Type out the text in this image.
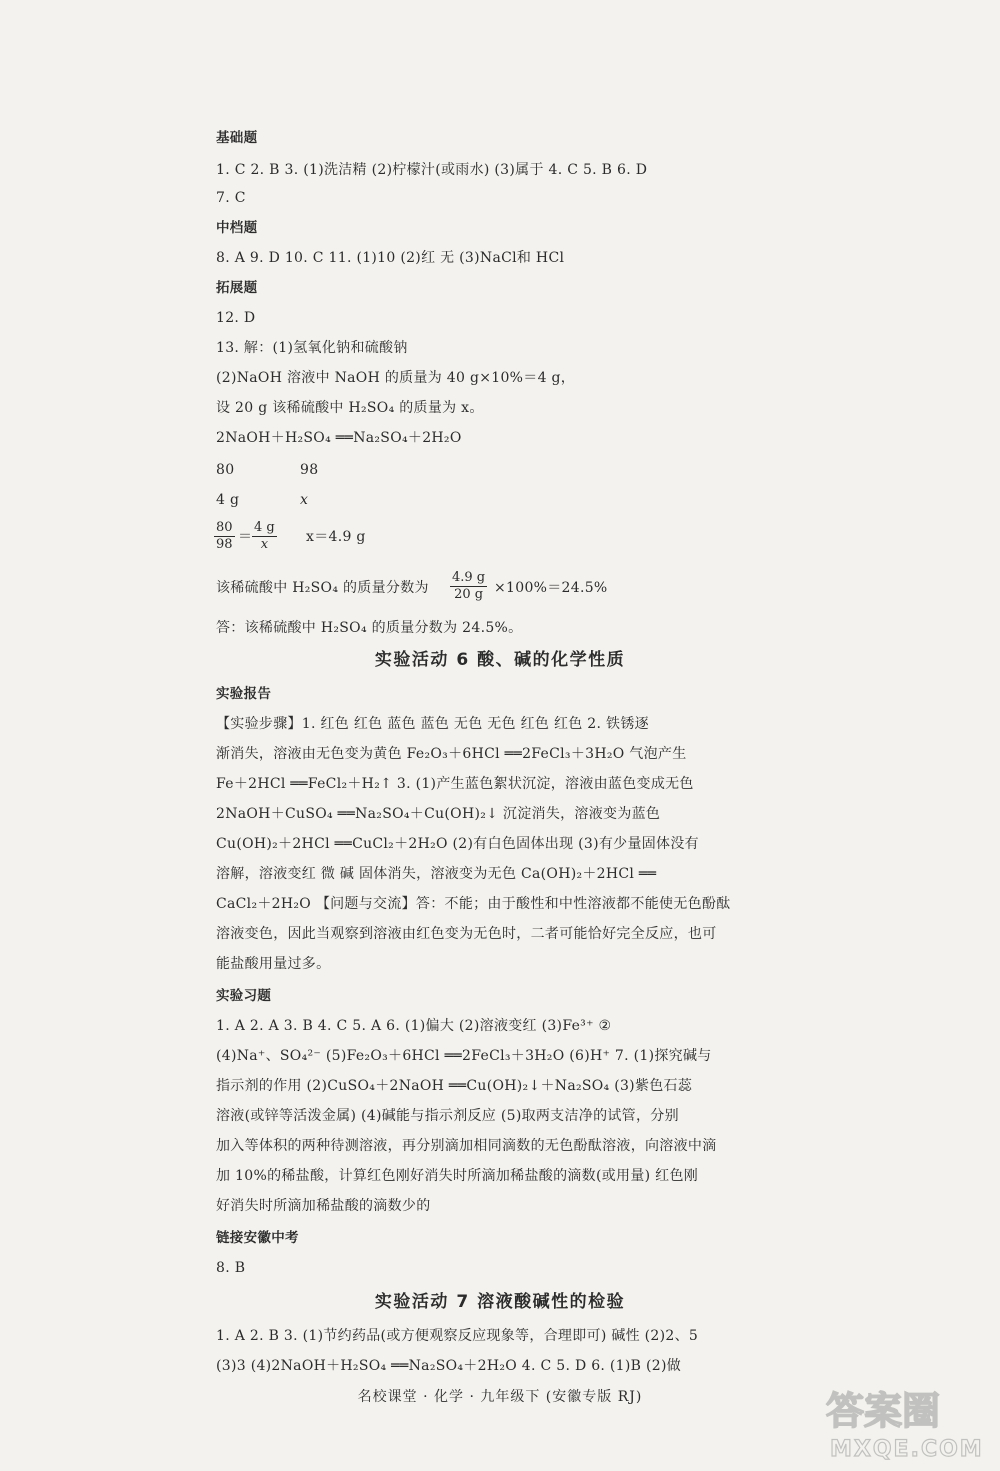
基础题
1. C 2. B 3. (1)洗洁精 (2)柠檬汁(或雨水) (3)属于 4. C 5. B 6. D
7. C
中档题
8. A 9. D 10. C 11. (1)10 (2)红 无 (3)NaCl和 HCl
拓展题
12. D
13. 解：(1)氢氧化钠和硫酸钠
(2)NaOH 溶液中 NaOH 的质量为 40 g×10%＝4 g，
设 20 g 该稀硫酸中 H₂SO₄ 的质量为 x。
2NaOH＋H₂SO₄ ══Na₂SO₄＋2H₂O
80	98
4 g	x
$\frac{80}{98} = \frac{4 g}{x} x=4.9$ g
该稀硫酸中 H₂SO₄ 的质量分数为 $\frac{4.9 g}{20 g} \times 100\%=24.5\%$
答：该稀硫酸中 H₂SO₄ 的质量分数为 24.5%。
实验活动 6 酸、碱的化学性质
实验报告
【实验步骤】1. 红色 红色 蓝色 蓝色 无色 无色 红色 红色 2. 铁锈逐
渐消失，溶液由无色变为黄色 Fe₂O₃＋6HCl ══2FeCl₃＋3H₂O 气泡产生
Fe＋2HCl ══FeCl₂＋H₂↑ 3. (1)产生蓝色絮状沉淀，溶液由蓝色变成无色
2NaOH＋CuSO₄ ══Na₂SO₄＋Cu(OH)₂↓ 沉淀消失，溶液变为蓝色
Cu(OH)₂＋2HCl ══CuCl₂＋2H₂O (2)有白色固体出现 (3)有少量固体没有
溶解，溶液变红 微 碱 固体消失，溶液变为无色 Ca(OH)₂＋2HCl ══
CaCl₂＋2H₂O 【问题与交流】答：不能；由于酸性和中性溶液都不能使无色酚酞
溶液变色，因此当观察到溶液由红色变为无色时，二者可能恰好完全反应，也可
能盐酸用量过多。
实验习题
1. A 2. A 3. B 4. C 5. A 6. (1)偏大 (2)溶液变红 (3)Fe³⁺ ②
(4)Na⁺、SO₄²⁻ (5)Fe₂O₃＋6HCl ══2FeCl₃＋3H₂O (6)H⁺ 7. (1)探究碱与
指示剂的作用 (2)CuSO₄＋2NaOH ══Cu(OH)₂↓＋Na₂SO₄ (3)紫色石蕊
溶液(或锌等活泼金属) (4)碱能与指示剂反应 (5)取两支洁净的试管，分别
加入等体积的两种待测溶液，再分别滴加相同滴数的无色酚酞溶液，向溶液中滴
加 10%的稀盐酸，计算红色刚好消失时所滴加稀盐酸的滴数(或用量) 红色刚
好消失时所滴加稀盐酸的滴数少的
链接安徽中考
8. B
实验活动 7 溶液酸碱性的检验
1. A 2. B 3. (1)节约药品(或方便观察反应现象等，合理即可) 碱性 (2)2、5
(3)3 (4)2NaOH＋H₂SO₄ ══Na₂SO₄＋2H₂O 4. C 5. D 6. (1)B (2)做
名校课堂 · 化学 · 九年级下 (安徽专版 RJ)	答案圈
MXQE.COM
